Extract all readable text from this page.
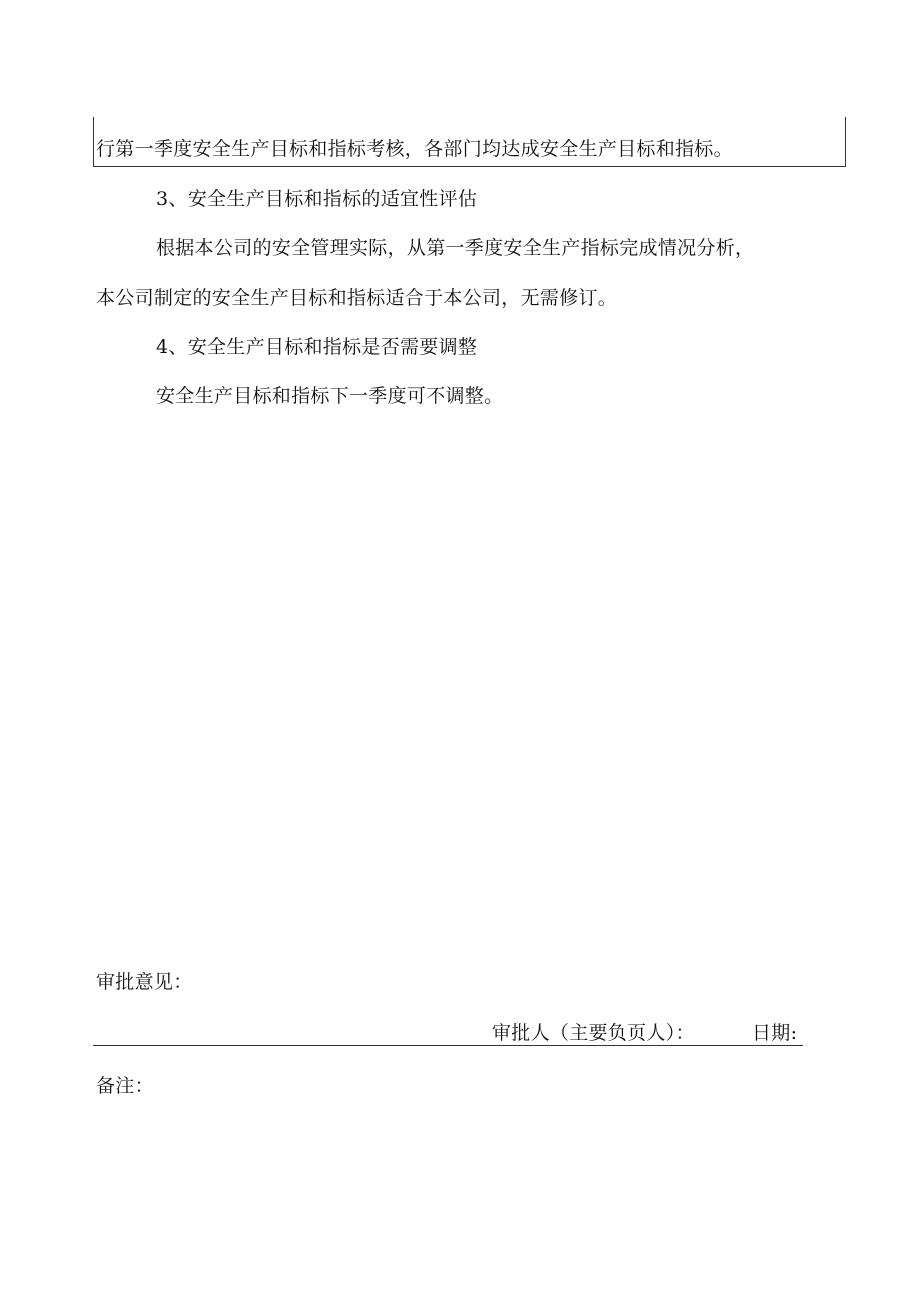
行第一季度安全生产目标和指标考核，各部门均达成安全生产目标和指标。
3、安全生产目标和指标的适宜性评估
根据本公司的安全管理实际，从第一季度安全生产指标完成情况分析，
本公司制定的安全生产目标和指标适合于本公司，无需修订。
4、安全生产目标和指标是否需要调整
安全生产目标和指标下一季度可不调整。
审批意见：
审批人（主要负页人）：	日期:
备注：
